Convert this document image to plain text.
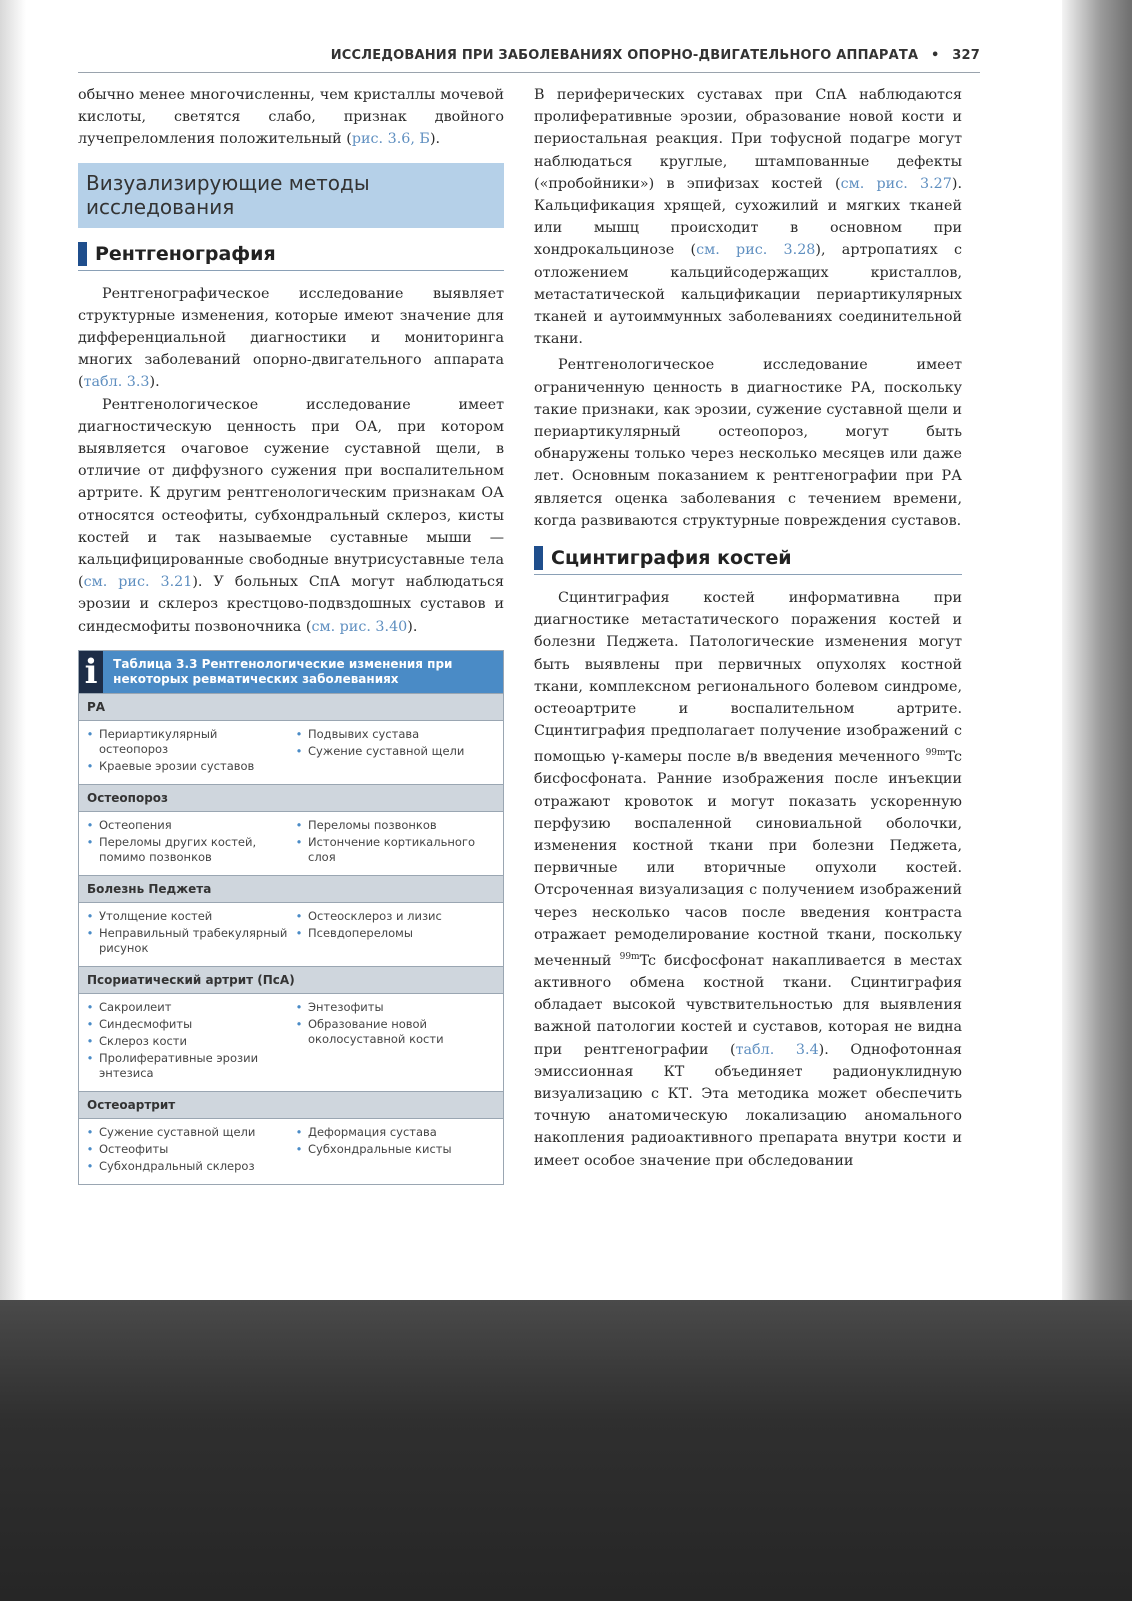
ИССЛЕДОВАНИЯ ПРИ ЗАБОЛЕВАНИЯХ ОПОРНО-ДВИГАТЕЛЬНОГО АППАРАТА • 327

обычно менее многочисленны, чем кристаллы мочевой кислоты, светятся слабо, признак двойного лучепреломления положительный (рис. 3.6, Б).

Визуализирующие методы исследования
Рентгенография

Рентгенографическое исследование выявляет структурные изменения, которые имеют значение для дифференциальной диагностики и мониторинга многих заболеваний опорно-двигательного аппарата (табл. 3.3).

Рентгенологическое исследование имеет диагностическую ценность при ОА, при котором выявляется очаговое сужение суставной щели, в отличие от диффузного сужения при воспалительном артрите. К другим рентгенологическим признакам ОА относятся остеофиты, субхондральный склероз, кисты костей и так называемые суставные мыши — кальцифицированные свободные внутрисуставные тела (см. рис. 3.21). У больных СпА могут наблюдаться эрозии и склероз крестцово-подвздошных суставов и синдесмофиты позвоночника (см. рис. 3.40).

i	Таблица 3.3 Рентгенологические изменения при некоторых ревматических заболеваниях
РА
• Периартикулярный остеопороз
• Краевые эрозии суставов
• Подвывих сустава
• Сужение суставной щели
Остеопороз
• Остеопения
• Переломы других костей, помимо позвонков
• Переломы позвонков
• Истончение кортикального слоя
Болезнь Педжета
• Утолщение костей
• Неправильный трабекулярный рисунок
• Остеосклероз и лизис
• Псевдопереломы
Псориатический артрит (ПсА)
• Сакроилеит
• Синдесмофиты
• Склероз кости
• Пролиферативные эрозии энтезиса
• Энтезофиты
• Образование новой околосуставной кости
Остеоартрит
• Сужение суставной щели
• Остеофиты
• Субхондральный склероз
• Деформация сустава
• Субхондральные кисты

В периферических суставах при СпА наблюдаются пролиферативные эрозии, образование новой кости и периостальная реакция. При тофусной подагре могут наблюдаться круглые, штампованные дефекты («пробойники») в эпифизах костей (см. рис. 3.27). Кальцификация хрящей, сухожилий и мягких тканей или мышц происходит в основном при хондрокальцинозе (см. рис. 3.28), артропатиях с отложением кальцийсодержащих кристаллов, метастатической кальцификации периартикулярных тканей и аутоиммунных заболеваниях соединительной ткани.

Рентгенологическое исследование имеет ограниченную ценность в диагностике РА, поскольку такие признаки, как эрозии, сужение суставной щели и периартикулярный остеопороз, могут быть обнаружены только через несколько месяцев или даже лет. Основным показанием к рентгенографии при РА является оценка заболевания с течением времени, когда развиваются структурные повреждения суставов.

Сцинтиграфия костей

Сцинтиграфия костей информативна при диагностике метастатического поражения костей и болезни Педжета. Патологические изменения могут быть выявлены при первичных опухолях костной ткани, комплексном регионального болевом синдроме, остеоартрите и воспалительном артрите. Сцинтиграфия предполагает получение изображений с помощью γ-камеры после в/в введения меченного $^{99m}$Tc бисфосфоната. Ранние изображения после инъекции отражают кровоток и могут показать ускоренную перфузию воспаленной синовиальной оболочки, изменения костной ткани при болезни Педжета, первичные или вторичные опухоли костей. Отсроченная визуализация с получением изображений через несколько часов после введения контраста отражает ремоделирование костной ткани, поскольку меченный $^{99m}$Tc бисфосфонат накапливается в местах активного обмена костной ткани. Сцинтиграфия обладает высокой чувствительностью для выявления важной патологии костей и суставов, которая не видна при рентгенографии (табл. 3.4). Однофотонная эмиссионная КТ объединяет радионуклидную визуализацию с КТ. Эта методика может обеспечить точную анатомическую локализацию аномального накопления радиоактивного препарата внутри кости и имеет особое значение при обследовании
